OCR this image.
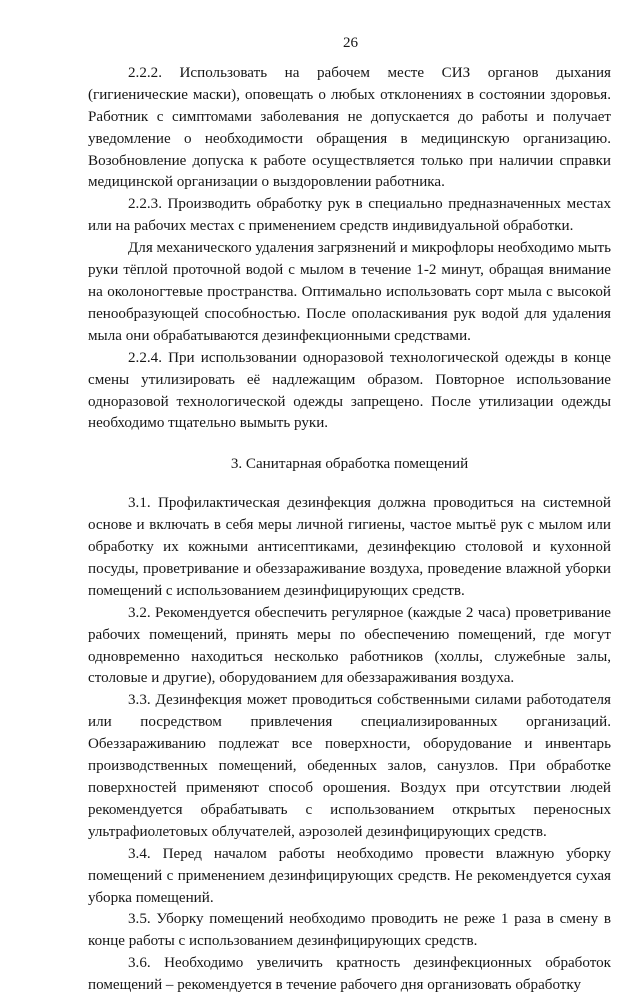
26

2.2.2. Использовать на рабочем месте СИЗ органов дыхания (гигиенические маски), оповещать о любых отклонениях в состоянии здоровья. Работник с симптомами заболевания не допускается до работы и получает уведомление о необходимости обращения в медицинскую организацию. Возобновление допуска к работе осуществляется только при наличии справки медицинской организации о выздоровлении работника.

2.2.3. Производить обработку рук в специально предназначенных местах или на рабочих местах с применением средств индивидуальной обработки.

Для механического удаления загрязнений и микрофлоры необходимо мыть руки тёплой проточной водой с мылом в течение 1-2 минут, обращая внимание на околоногтевые пространства. Оптимально использовать сорт мыла с высокой пенообразующей способностью. После ополаскивания рук водой для удаления мыла они обрабатываются дезинфекционными средствами.

2.2.4. При использовании одноразовой технологической одежды в конце смены утилизировать её надлежащим образом. Повторное использование одноразовой технологической одежды запрещено. После утилизации одежды необходимо тщательно вымыть руки.

3. Санитарная обработка помещений

3.1. Профилактическая дезинфекция должна проводиться на системной основе и включать в себя меры личной гигиены, частое мытьё рук с мылом или обработку их кожными антисептиками, дезинфекцию столовой и кухонной посуды, проветривание и обеззараживание воздуха, проведение влажной уборки помещений с использованием дезинфицирующих средств.

3.2. Рекомендуется обеспечить регулярное (каждые 2 часа) проветривание рабочих помещений, принять меры по обеспечению помещений, где могут одновременно находиться несколько работников (холлы, служебные залы, столовые и другие), оборудованием для обеззараживания воздуха.

3.3. Дезинфекция может проводиться собственными силами работодателя или посредством привлечения специализированных организаций. Обеззараживанию подлежат все поверхности, оборудование и инвентарь производственных помещений, обеденных залов, санузлов. При обработке поверхностей применяют способ орошения. Воздух при отсутствии людей рекомендуется обрабатывать с использованием открытых переносных ультрафиолетовых облучателей, аэрозолей дезинфицирующих средств.

3.4. Перед началом работы необходимо провести влажную уборку помещений с применением дезинфицирующих средств. Не рекомендуется сухая уборка помещений.

3.5. Уборку помещений необходимо проводить не реже 1 раза в смену в конце работы с использованием дезинфицирующих средств.

3.6. Необходимо увеличить кратность дезинфекционных обработок помещений – рекомендуется в течение рабочего дня организовать обработку
